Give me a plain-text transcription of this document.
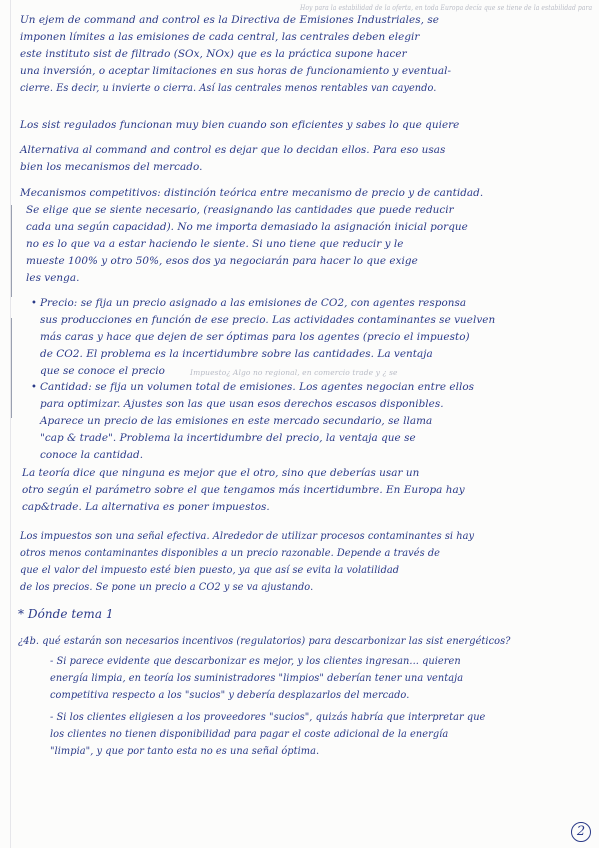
Hoy para la estabilidad de la oferta, en toda Europa decía que se tiene de la estabilidad para
Un ejem de command and control es la Directiva de Emisiones Industriales, se
imponen límites a las emisiones de cada central, las centrales deben elegir
este instituto sist de filtrado (SOx, NOx) que es la práctica supone hacer
una inversión, o aceptar limitaciones en sus horas de funcionamiento y eventual-
cierre. Es decir, u invierte o cierra. Así las centrales menos rentables van cayendo.
Los sist regulados funcionan muy bien cuando son eficientes y sabes lo que quiere
Alternativa al command and control es dejar que lo decidan ellos. Para eso usas
bien los mecanismos del mercado.
Mecanismos competitivos: distinción teórica entre mecanismo de precio y de cantidad.
Se elige que se siente necesario, (reasignando las cantidades que puede reducir
cada una según capacidad). No me importa demasiado la asignación inicial porque
no es lo que va a estar haciendo le siente. Si uno tiene que reducir y le
mueste 100% y otro 50%, esos dos ya negociarán para hacer lo que exige
les venga.
• Precio: se fija un precio asignado a las emisiones de CO2, con agentes responsa
sus producciones en función de ese precio. Las actividades contaminantes se vuelven
más caras y hace que dejen de ser óptimas para los agentes (precio el impuesto)
de CO2. El problema es la incertidumbre sobre las cantidades. La ventaja
que se conoce el precio	Impuesto¿ Algo no regional, en comercio trade y ¿ se
• Cantidad: se fija un volumen total de emisiones. Los agentes negocian entre ellos
para optimizar. Ajustes son las que usan esos derechos escasos disponibles.
Aparece un precio de las emisiones en este mercado secundario, se llama
"cap & trade". Problema la incertidumbre del precio, la ventaja que se
conoce la cantidad.
La teoría dice que ninguna es mejor que el otro, sino que deberías usar un
otro según el parámetro sobre el que tengamos más incertidumbre. En Europa hay
cap&trade. La alternativa es poner impuestos.
Los impuestos son una señal efectiva. Alrededor de utilizar procesos contaminantes si hay
otros menos contaminantes disponibles a un precio razonable. Depende a través de
que el valor del impuesto esté bien puesto, ya que así se evita la volatilidad
de los precios. Se pone un precio a CO2 y se va ajustando.
* Dónde tema 1
¿4b. qué estarán son necesarios incentivos (regulatorios) para descarbonizar las sist energéticos?
- Si parece evidente que descarbonizar es mejor, y los clientes ingresan... quieren
energía limpia, en teoría los suministradores "limpios" deberían tener una ventaja
competitiva respecto a los "sucios" y debería desplazarlos del mercado.
- Si los clientes eligiesen a los proveedores "sucios", quizás habría que interpretar que
los clientes no tienen disponibilidad para pagar el coste adicional de la energía
"limpia", y que por tanto esta no es una señal óptima.
2
